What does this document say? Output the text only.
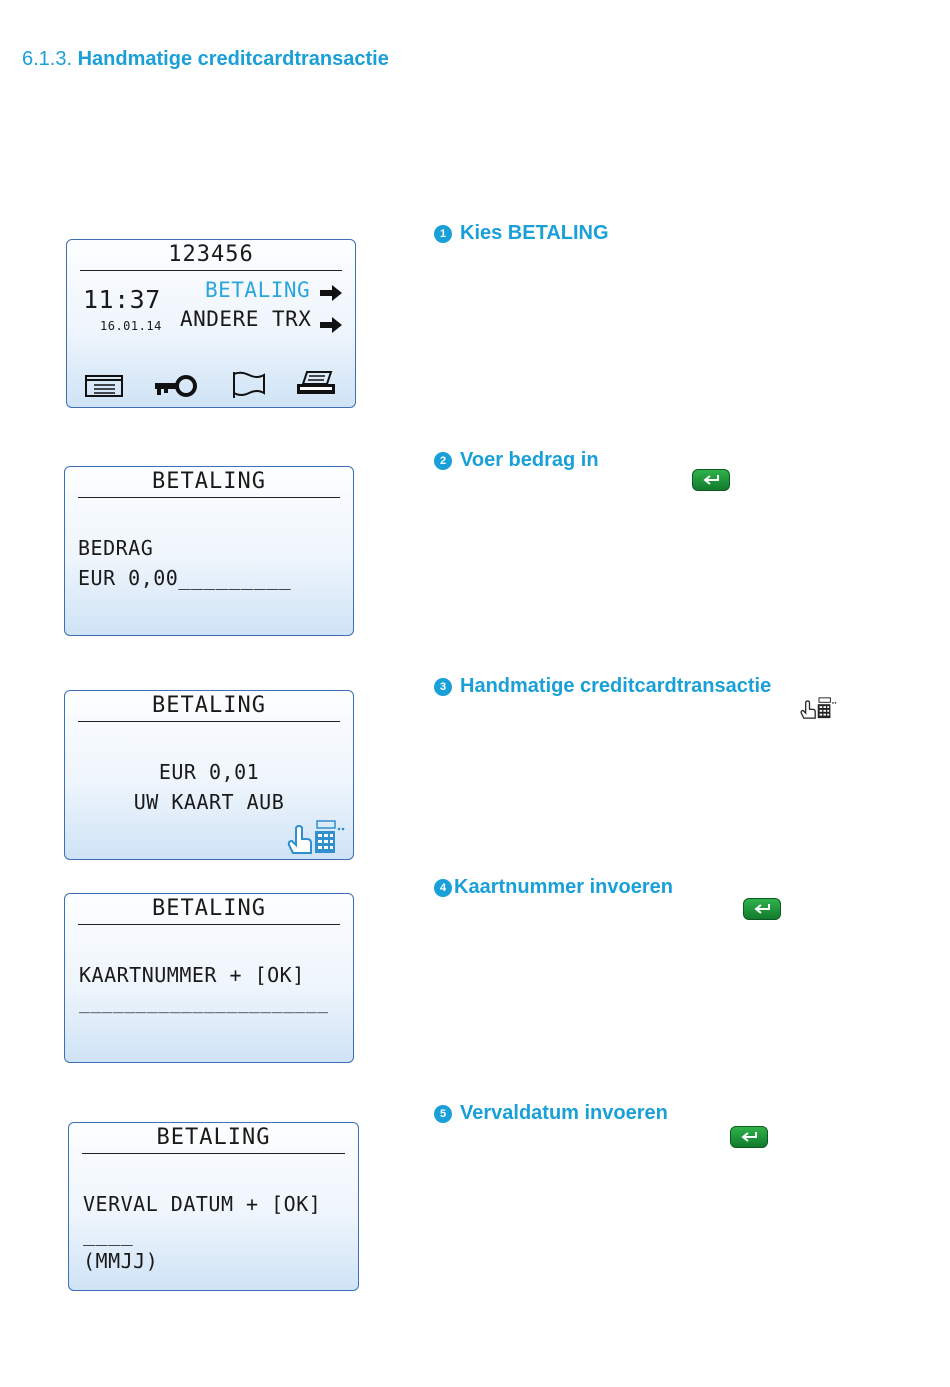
6.1.3. Handmatige creditcardtransactie
123456
11:37
16.01.14
BETALING
ANDERE TRX
BETALING
BEDRAG
EUR 0,00_________
BETALING
EUR 0,01
UW KAART AUB
BETALING
KAARTNUMMER + [OK]
______________________
BETALING
VERVAL DATUM + [OK]
____
(MMJJ)
1 Kies BETALING
2 Voer bedrag in
3 Handmatige creditcardtransactie
4 Kaartnummer invoeren
5 Vervaldatum invoeren
